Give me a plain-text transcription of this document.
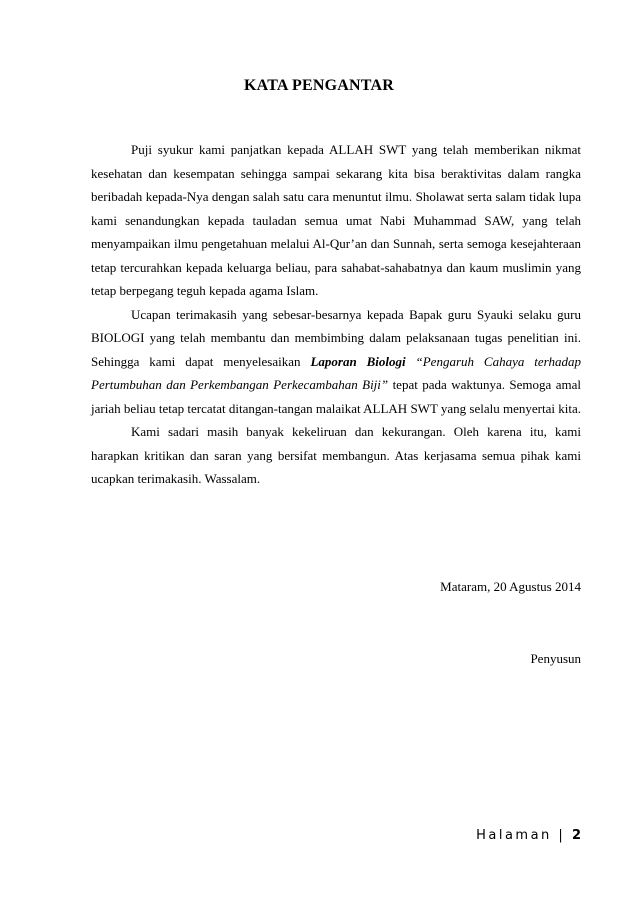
KATA PENGANTAR

Puji syukur kami panjatkan kepada ALLAH SWT yang telah memberikan nikmat kesehatan dan kesempatan sehingga sampai sekarang kita bisa beraktivitas dalam rangka beribadah kepada-Nya dengan salah satu cara menuntut ilmu. Sholawat serta salam tidak lupa kami senandungkan kepada tauladan semua umat Nabi Muhammad SAW, yang telah menyampaikan ilmu pengetahuan melalui Al-Qur’an dan Sunnah, serta semoga kesejahteraan tetap tercurahkan kepada keluarga beliau, para sahabat-sahabatnya dan kaum muslimin yang tetap berpegang teguh kepada agama Islam.

Ucapan terimakasih yang sebesar-besarnya kepada Bapak guru Syauki selaku guru BIOLOGI yang telah membantu dan membimbing dalam pelaksanaan tugas penelitian ini. Sehingga kami dapat menyelesaikan Laporan Biologi “Pengaruh Cahaya terhadap Pertumbuhan dan Perkembangan Perkecambahan Biji” tepat pada waktunya. Semoga amal jariah beliau tetap tercatat ditangan-tangan malaikat ALLAH SWT yang selalu menyertai kita.

Kami sadari masih banyak kekeliruan dan kekurangan. Oleh karena itu, kami harapkan kritikan dan saran yang bersifat membangun. Atas kerjasama semua pihak kami ucapkan terimakasih. Wassalam.

Mataram, 20 Agustus 2014
Penyusun
Halaman | 2
